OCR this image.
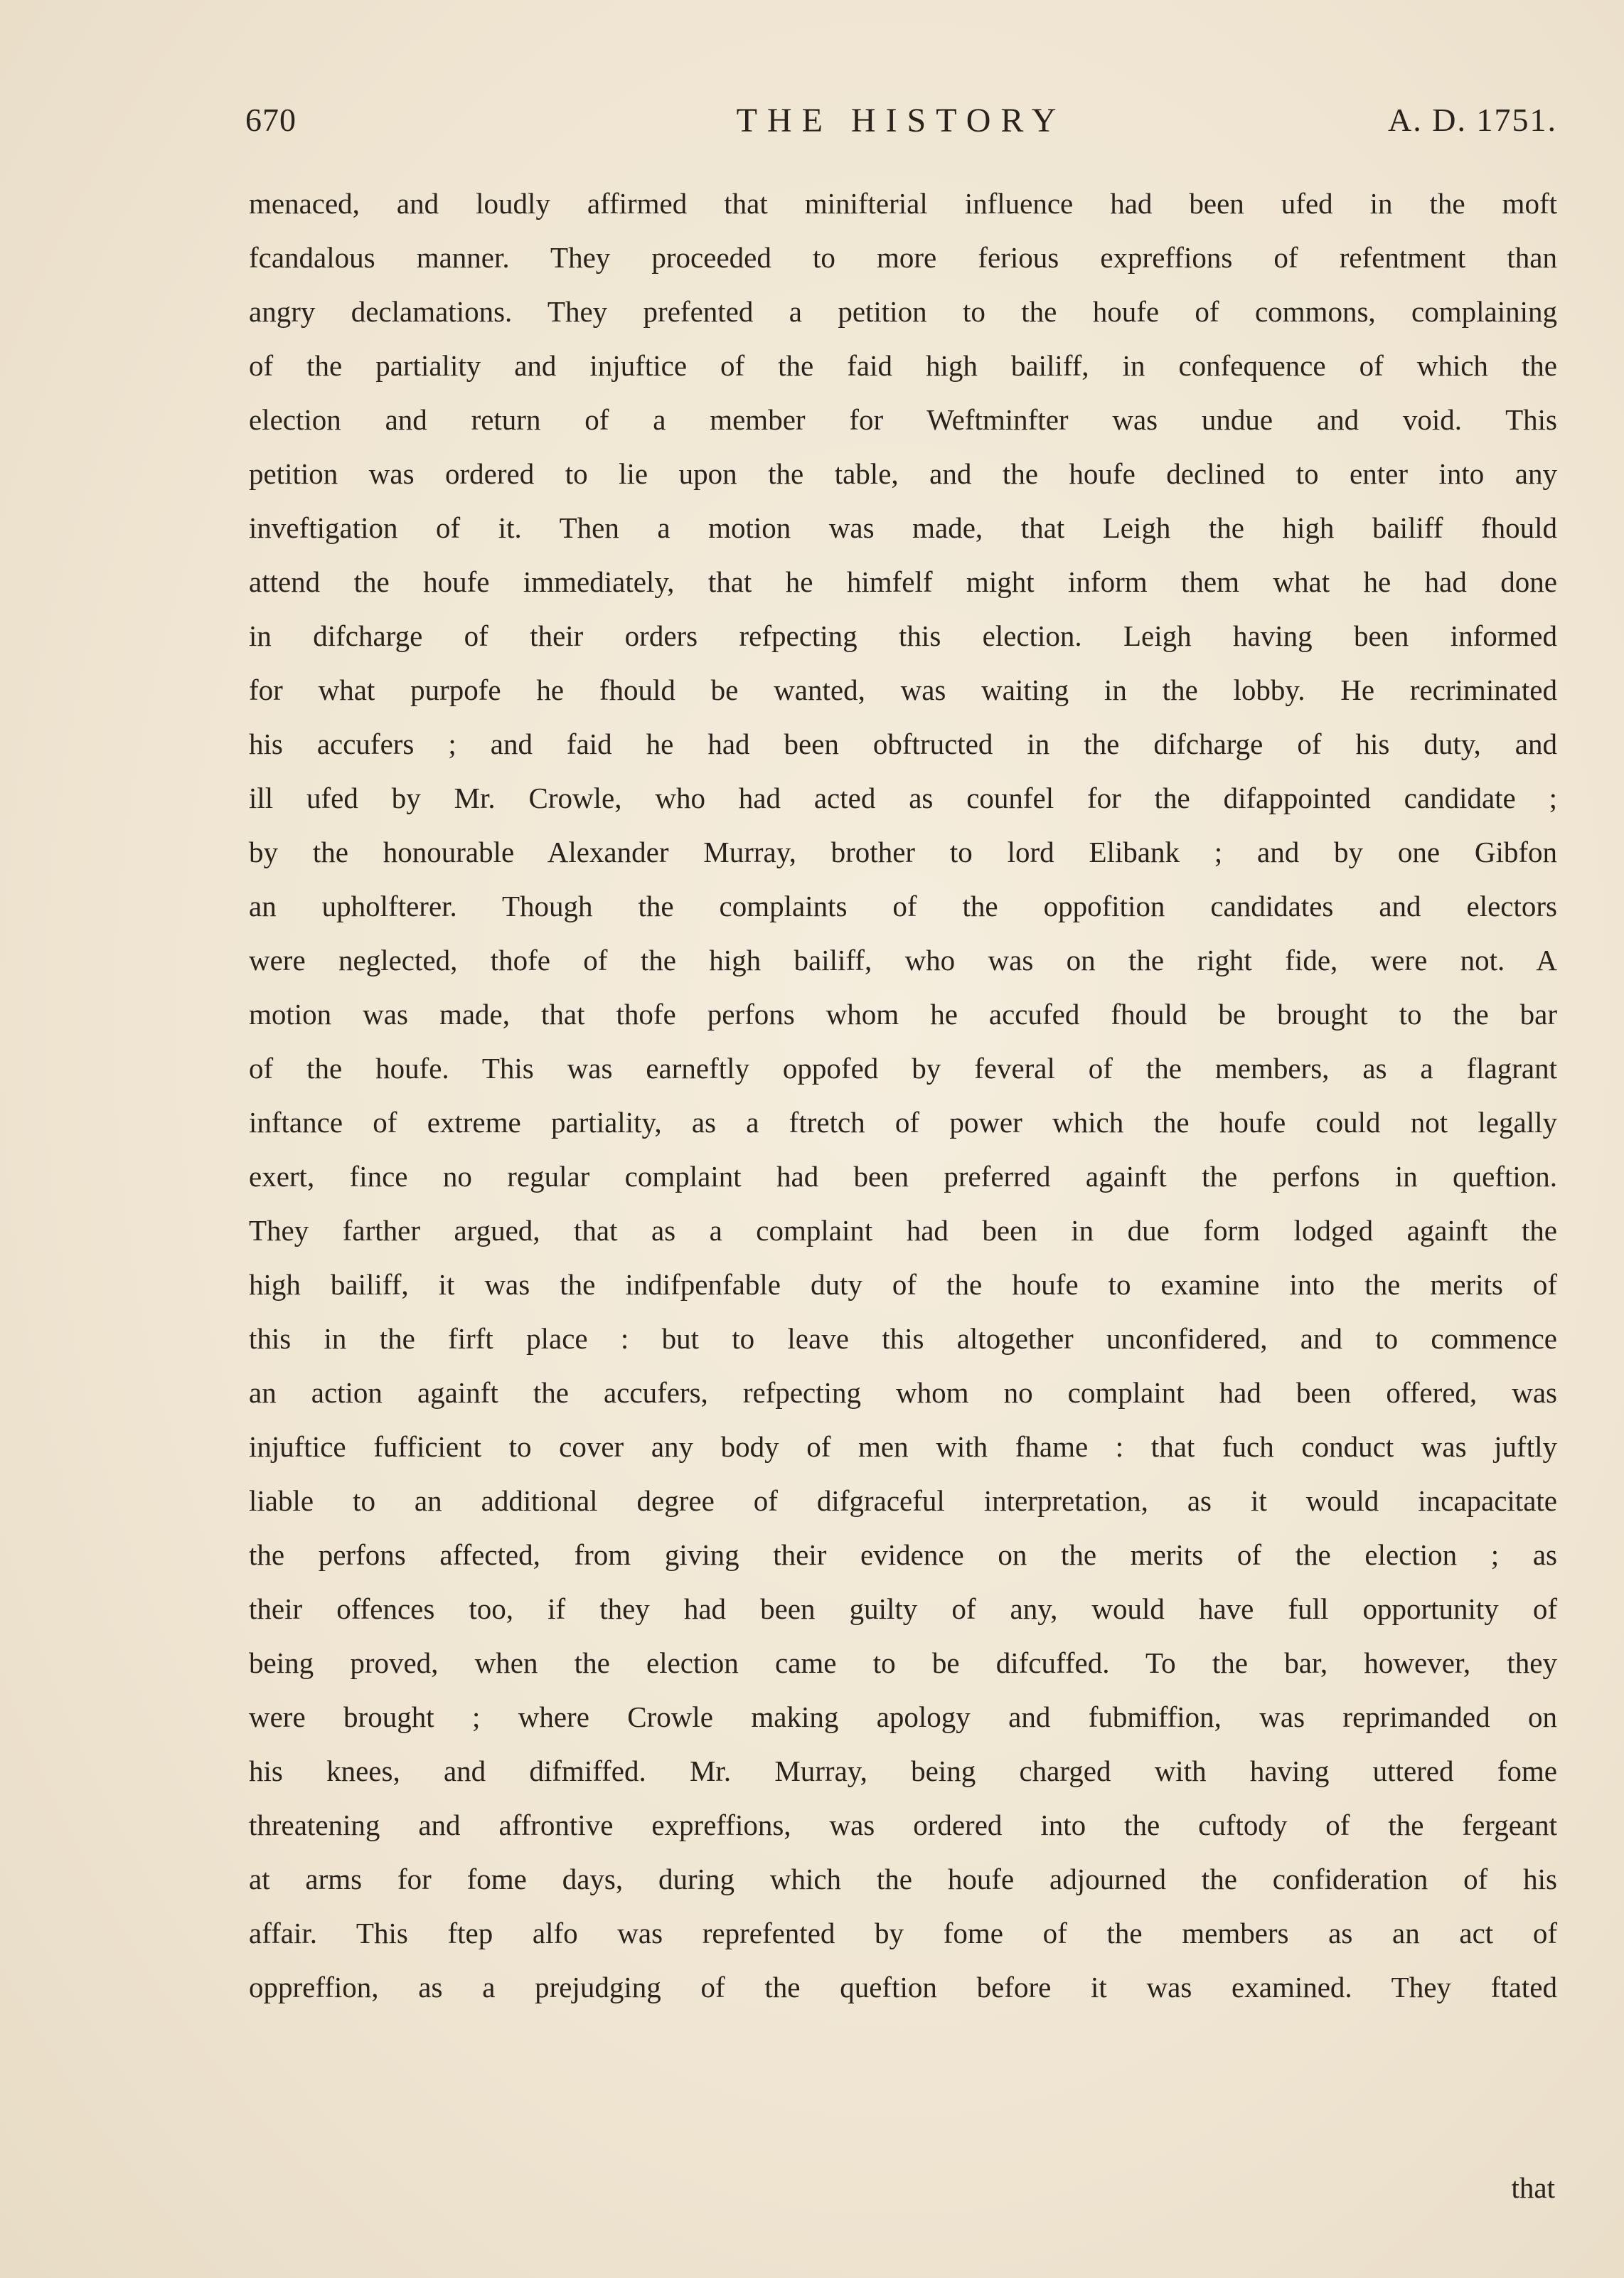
670	THE HISTORY	A. D. 1751.
menaced, and loudly affirmed that minifterial influence had been ufed in the moft
fcandalous manner. They proceeded to more ferious expreffions of refentment than
angry declamations. They prefented a petition to the houfe of commons, complaining
of the partiality and injuftice of the faid high bailiff, in confequence of which the
election and return of a member for Weftminfter was undue and void. This
petition was ordered to lie upon the table, and the houfe declined to enter into any
inveftigation of it. Then a motion was made, that Leigh the high bailiff fhould
attend the houfe immediately, that he himfelf might inform them what he had done
in difcharge of their orders refpecting this election. Leigh having been informed
for what purpofe he fhould be wanted, was waiting in the lobby. He recriminated
his accufers ; and faid he had been obftructed in the difcharge of his duty, and
ill ufed by Mr. Crowle, who had acted as counfel for the difappointed candidate ;
by the honourable Alexander Murray, brother to lord Elibank ; and by one Gibfon
an upholfterer. Though the complaints of the oppofition candidates and electors
were neglected, thofe of the high bailiff, who was on the right fide, were not. A
motion was made, that thofe perfons whom he accufed fhould be brought to the bar
of the houfe. This was earneftly oppofed by feveral of the members, as a flagrant
inftance of extreme partiality, as a ftretch of power which the houfe could not legally
exert, fince no regular complaint had been preferred againft the perfons in queftion.
They farther argued, that as a complaint had been in due form lodged againft the
high bailiff, it was the indifpenfable duty of the houfe to examine into the merits of
this in the firft place : but to leave this altogether unconfidered, and to commence
an action againft the accufers, refpecting whom no complaint had been offered, was
injuftice fufficient to cover any body of men with fhame : that fuch conduct was juftly
liable to an additional degree of difgraceful interpretation, as it would incapacitate
the perfons affected, from giving their evidence on the merits of the election ; as
their offences too, if they had been guilty of any, would have full opportunity of
being proved, when the election came to be difcuffed. To the bar, however, they
were brought ; where Crowle making apology and fubmiffion, was reprimanded on
his knees, and difmiffed. Mr. Murray, being charged with having uttered fome
threatening and affrontive expreffions, was ordered into the cuftody of the fergeant
at arms for fome days, during which the houfe adjourned the confideration of his
affair. This ftep alfo was reprefented by fome of the members as an act of
oppreffion, as a prejudging of the queftion before it was examined. They ftated
that
